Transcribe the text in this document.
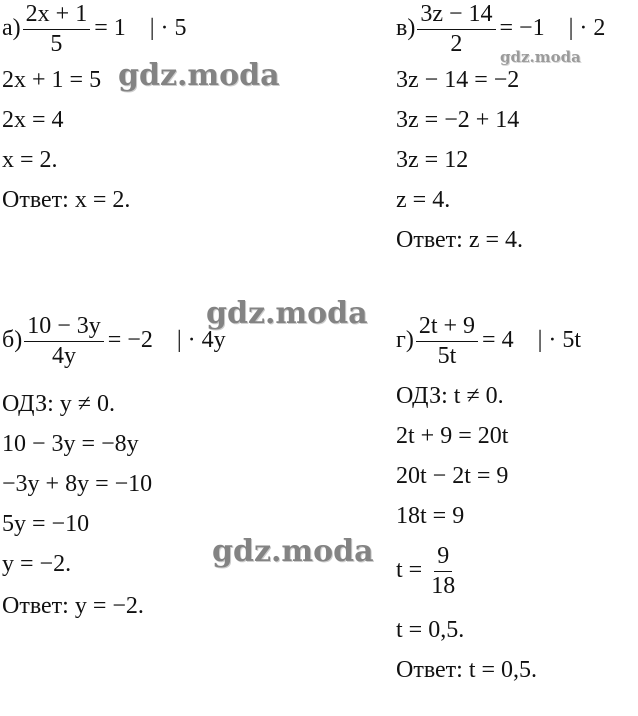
$а) \frac{2x + 1}{5} = 1$    | · 5
2x + 1 = 5
2x = 4
x = 2.
Ответ: x = 2.
$в) \frac{3z - 14}{2} = -1$    | · 2
3z − 14 = −2
3z = −2 + 14
3z = 12
z = 4.
Ответ: z = 4.
$б) \frac{10 - 3y}{4y} = -2$    | · 4y
ОДЗ: y ≠ 0.
10 − 3y = −8y
−3y + 8y = −10
5y = −10
y = −2.
Ответ: y = −2.
$г) \frac{2t + 9}{5t} = 4$    | · 5t
ОДЗ: t ≠ 0.
2t + 9 = 20t
20t − 2t = 9
18t = 9
$t = \frac{9}{18}$
t = 0,5.
Ответ: t = 0,5.
gdz.moda
gdz.moda
gdz.moda
gdz.moda
